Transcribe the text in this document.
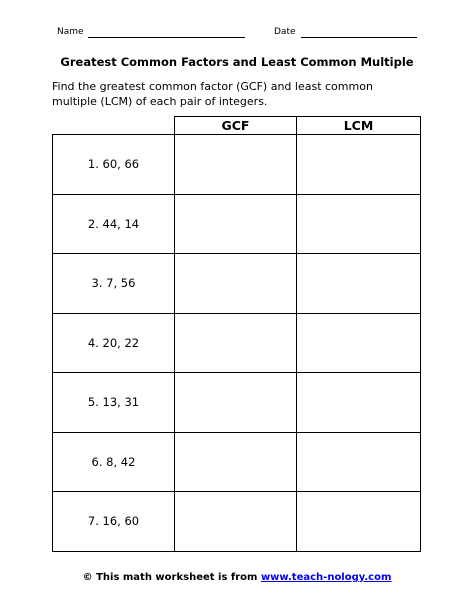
Name	Date
Greatest Common Factors and Least Common Multiple
Find the greatest common factor (GCF) and least common
multiple (LCM) of each pair of integers.
	GCF	LCM
1. 60, 66		
2. 44, 14		
3. 7, 56		
4. 20, 22		
5. 13, 31		
6. 8, 42		
7. 16, 60		
© This math worksheet is from www.teach-nology.com
